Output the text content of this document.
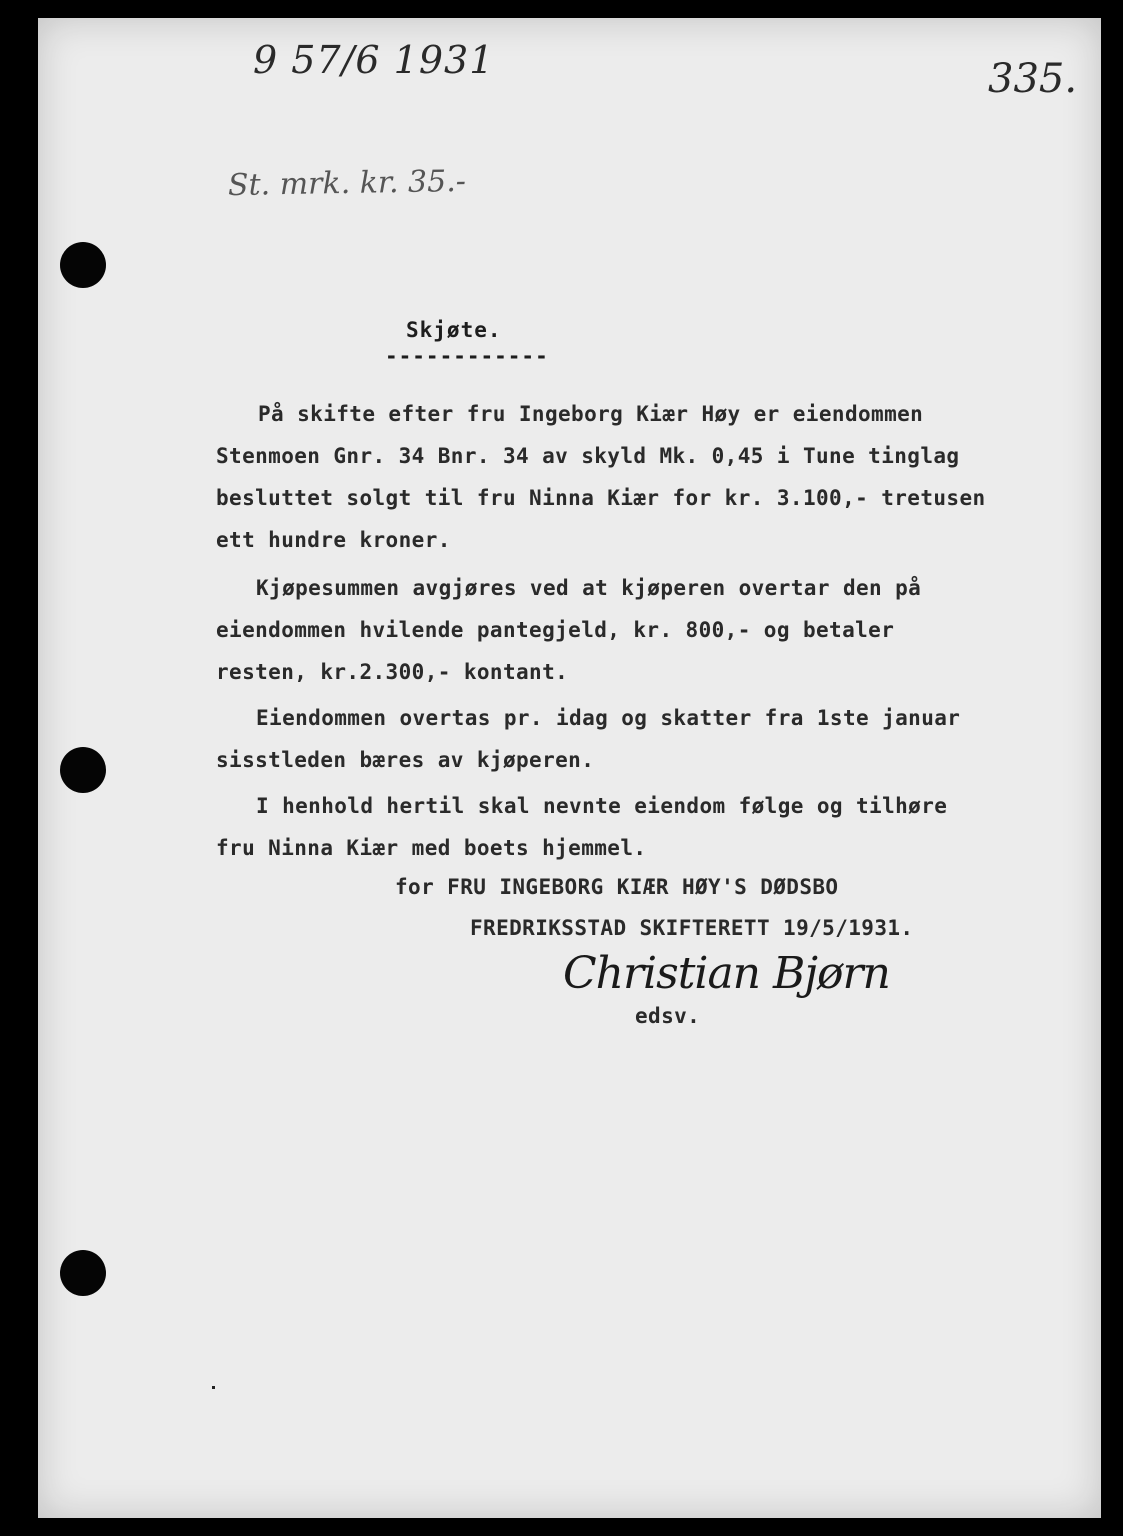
9 57/6 1931	335.
St. mrk. kr. 35.-
Skjøte.
------------
På skifte efter fru Ingeborg Kiær Høy er eiendommen
Stenmoen Gnr. 34 Bnr. 34 av skyld Mk. 0,45 i Tune tinglag
besluttet solgt til fru Ninna Kiær for kr. 3.100,- tretusen
ett hundre kroner.
Kjøpesummen avgjøres ved at kjøperen overtar den på
eiendommen hvilende pantegjeld, kr. 800,- og betaler
resten, kr.2.300,- kontant.
Eiendommen overtas pr. idag og skatter fra 1ste januar
sisstleden bæres av kjøperen.
I henhold hertil skal nevnte eiendom følge og tilhøre
fru Ninna Kiær med boets hjemmel.
for FRU INGEBORG KIÆR HØY'S DØDSBO
FREDRIKSSTAD SKIFTERETT 19/5/1931.
Christian Bjørn
edsv.
